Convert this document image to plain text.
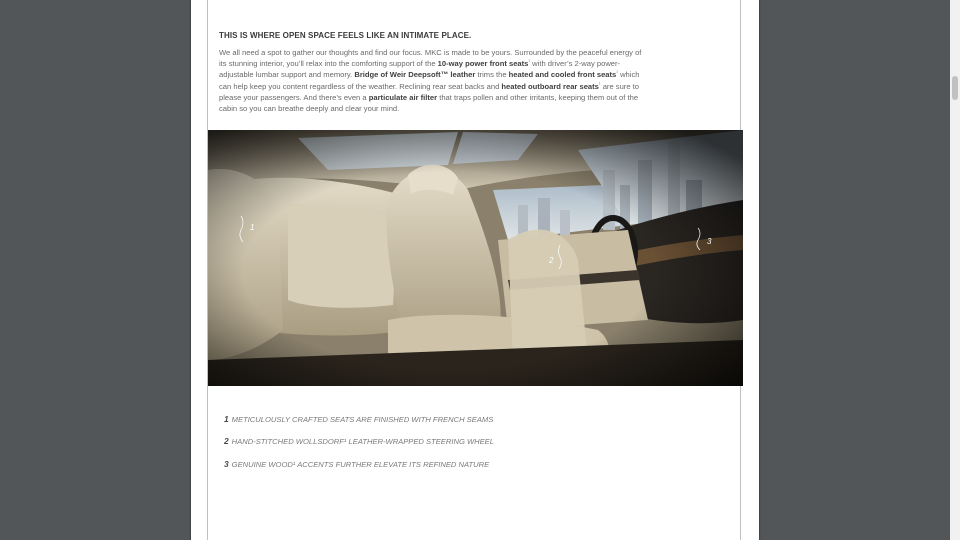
THIS IS WHERE OPEN SPACE FEELS LIKE AN INTIMATE PLACE.
We all need a spot to gather our thoughts and find our focus. MKC is made to be yours. Surrounded by the peaceful energy of its stunning interior, you’ll relax into the comforting support of the 10-way power front seats$^{^1}$ with driver’s 2-way power-adjustable lumbar support and memory. Bridge of Weir Deepsoft™ leather trims the heated and cooled front seats$^{^1}$ which can help keep you content regardless of the weather. Reclining rear seat backs and heated outboard rear seats$^{^1}$ are sure to please your passengers. And there’s even a particulate air filter that traps pollen and other irritants, keeping them out of the cabin so you can breathe deeply and clear your mind.
1
2
3
1 METICULOUSLY CRAFTED SEATS ARE FINISHED WITH FRENCH SEAMS
2 HAND-STITCHED WOLLSDORF¹ LEATHER-WRAPPED STEERING WHEEL
3 GENUINE WOOD¹ ACCENTS FURTHER ELEVATE ITS REFINED NATURE
